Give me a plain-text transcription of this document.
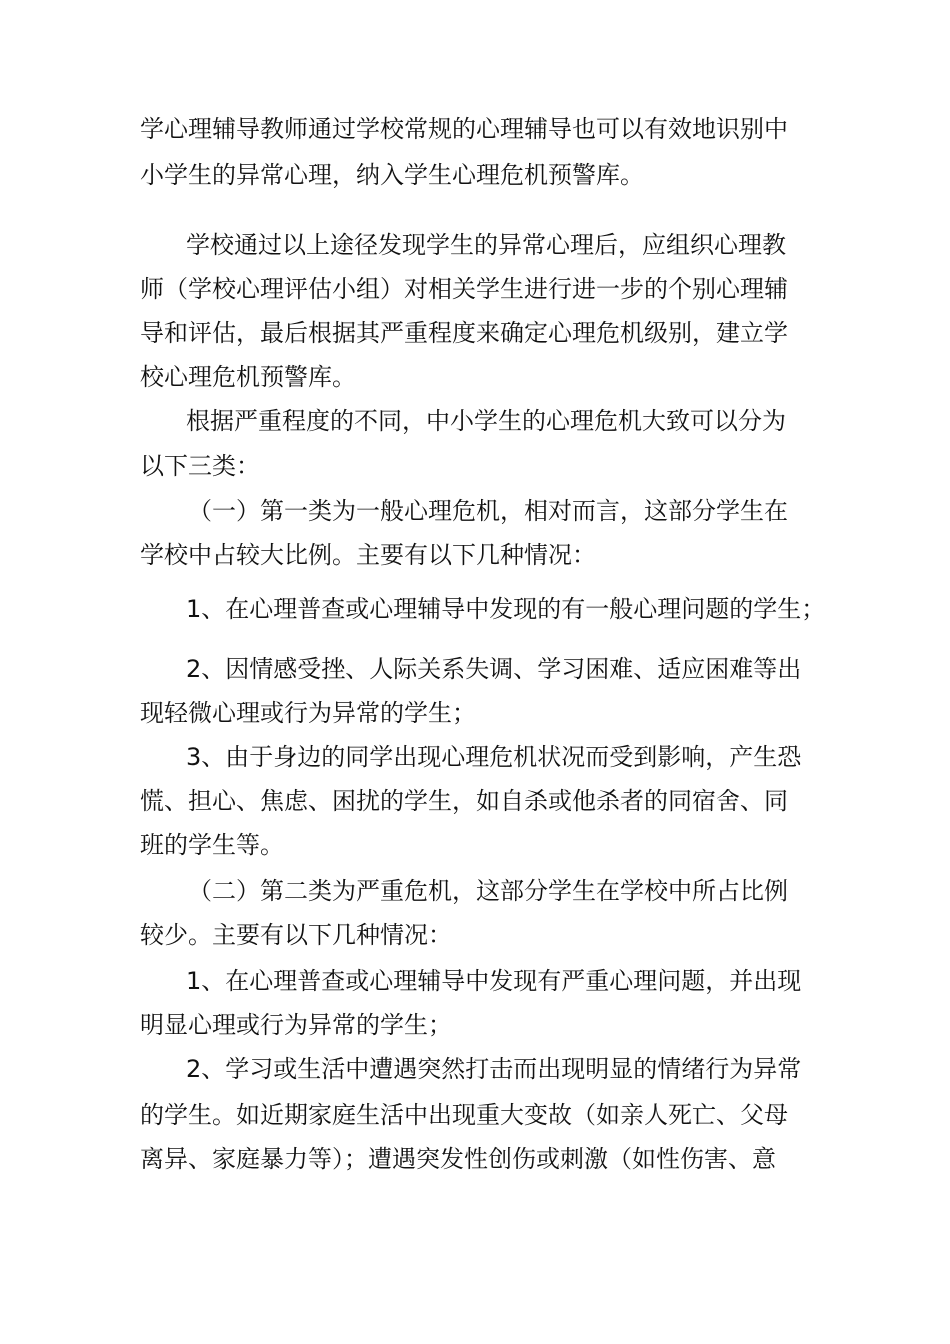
学心理辅导教师通过学校常规的心理辅导也可以有效地识别中
小学生的异常心理，纳入学生心理危机预警库。
学校通过以上途径发现学生的异常心理后，应组织心理教
师（学校心理评估小组）对相关学生进行进一步的个别心理辅
导和评估，最后根据其严重程度来确定心理危机级别，建立学
校心理危机预警库。
根据严重程度的不同，中小学生的心理危机大致可以分为
以下三类：
（一）第一类为一般心理危机，相对而言，这部分学生在
学校中占较大比例。主要有以下几种情况：
1、在心理普查或心理辅导中发现的有一般心理问题的学生；
2、因情感受挫、人际关系失调、学习困难、适应困难等出
现轻微心理或行为异常的学生；
3、由于身边的同学出现心理危机状况而受到影响，产生恐
慌、担心、焦虑、困扰的学生，如自杀或他杀者的同宿舍、同
班的学生等。
（二）第二类为严重危机，这部分学生在学校中所占比例
较少。主要有以下几种情况：
1、在心理普查或心理辅导中发现有严重心理问题，并出现
明显心理或行为异常的学生；
2、学习或生活中遭遇突然打击而出现明显的情绪行为异常
的学生。如近期家庭生活中出现重大变故（如亲人死亡、父母
离异、家庭暴力等）；遭遇突发性创伤或刺激（如性伤害、意
